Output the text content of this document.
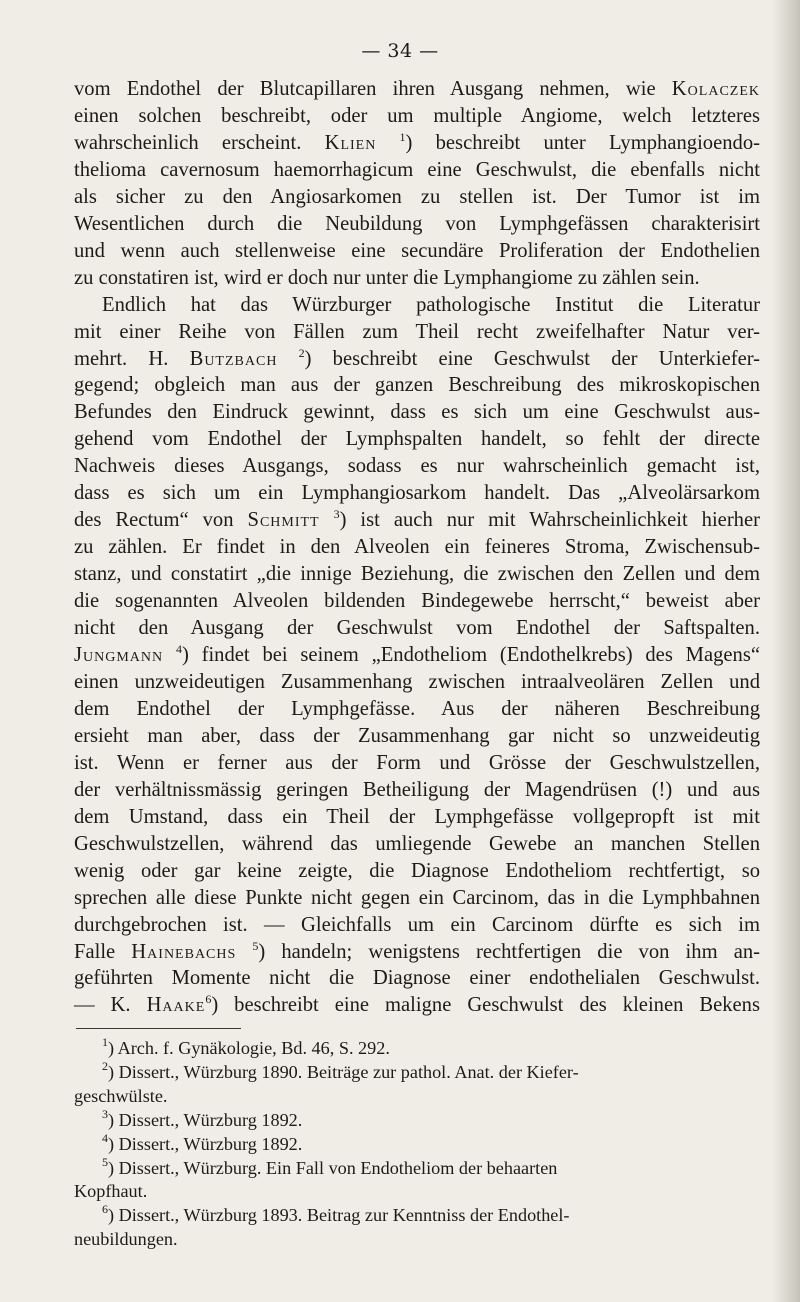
— 34 —
vom Endothel der Blutcapillaren ihren Ausgang nehmen, wie Kolaczek
einen solchen beschreibt, oder um multiple Angiome, welch letzteres
wahrscheinlich erscheint. Klien $^1$) beschreibt unter Lymphangioendo-
thelioma cavernosum haemorrhagicum eine Geschwulst, die ebenfalls nicht
als sicher zu den Angiosarkomen zu stellen ist. Der Tumor ist im
Wesentlichen durch die Neubildung von Lymphgefässen charakterisirt
und wenn auch stellenweise eine secundäre Proliferation der Endothelien
zu constatiren ist, wird er doch nur unter die Lymphangiome zu zählen sein.
Endlich hat das Würzburger pathologische Institut die Literatur
mit einer Reihe von Fällen zum Theil recht zweifelhafter Natur ver-
mehrt. H. Butzbach $^2$) beschreibt eine Geschwulst der Unterkiefer-
gegend; obgleich man aus der ganzen Beschreibung des mikroskopischen
Befundes den Eindruck gewinnt, dass es sich um eine Geschwulst aus-
gehend vom Endothel der Lymphspalten handelt, so fehlt der directe
Nachweis dieses Ausgangs, sodass es nur wahrscheinlich gemacht ist,
dass es sich um ein Lymphangiosarkom handelt. Das „Alveolärsarkom
des Rectum“ von Schmitt $^3$) ist auch nur mit Wahrscheinlichkeit hierher
zu zählen. Er findet in den Alveolen ein feineres Stroma, Zwischensub-
stanz, und constatirt „die innige Beziehung, die zwischen den Zellen und dem
die sogenannten Alveolen bildenden Bindegewebe herrscht,“ beweist aber
nicht den Ausgang der Geschwulst vom Endothel der Saftspalten.
Jungmann $^4$) findet bei seinem „Endotheliom (Endothelkrebs) des Magens“
einen unzweideutigen Zusammenhang zwischen intraalveolären Zellen und
dem Endothel der Lymphgefässe. Aus der näheren Beschreibung
ersieht man aber, dass der Zusammenhang gar nicht so unzweideutig
ist. Wenn er ferner aus der Form und Grösse der Geschwulstzellen,
der verhältnissmässig geringen Betheiligung der Magendrüsen (!) und aus
dem Umstand, dass ein Theil der Lymphgefässe vollgepropft ist mit
Geschwulstzellen, während das umliegende Gewebe an manchen Stellen
wenig oder gar keine zeigte, die Diagnose Endotheliom rechtfertigt, so
sprechen alle diese Punkte nicht gegen ein Carcinom, das in die Lymphbahnen
durchgebrochen ist. — Gleichfalls um ein Carcinom dürfte es sich im
Falle Hainebachs $^5$) handeln; wenigstens rechtfertigen die von ihm an-
geführten Momente nicht die Diagnose einer endothelialen Geschwulst.
— K. Haake$^6$) beschreibt eine maligne Geschwulst des kleinen Bekens
$^1$) Arch. f. Gynäkologie, Bd. 46, S. 292.
$^2$) Dissert., Würzburg 1890. Beiträge zur pathol. Anat. der Kiefer-
geschwülste.
$^3$) Dissert., Würzburg 1892.
$^4$) Dissert., Würzburg 1892.
$^5$) Dissert., Würzburg. Ein Fall von Endotheliom der behaarten
Kopfhaut.
$^6$) Dissert., Würzburg 1893. Beitrag zur Kenntniss der Endothel-
neubildungen.
